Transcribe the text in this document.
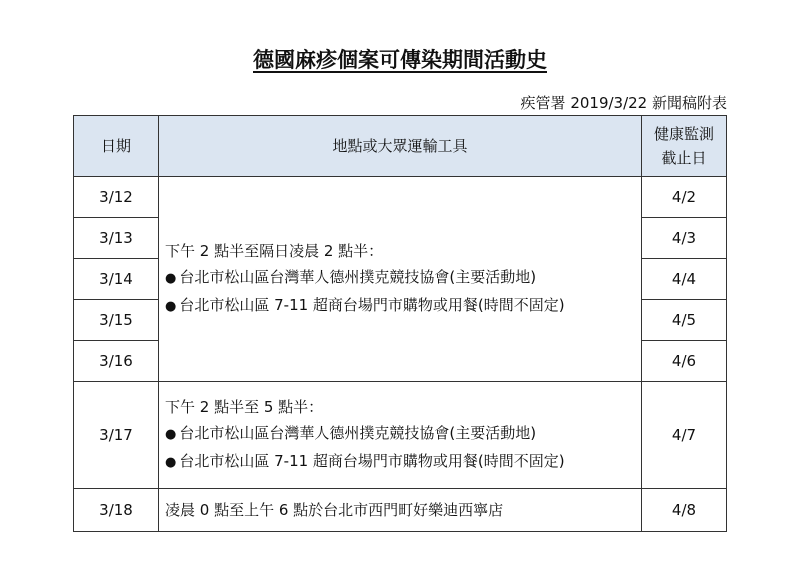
德國麻疹個案可傳染期間活動史
疾管署 2019/3/22 新聞稿附表
日期	地點或大眾運輸工具	健康監測
截止日

3/12	下午 2 點半至隔日凌晨 2 點半：
● 台北市松山區台灣華人德州撲克競技協會(主要活動地)
● 台北市松山區 7-11 超商台場門市購物或用餐(時間不固定)	4/2
3/13		4/3
3/14		4/4
3/15		4/5
3/16		4/6
3/17	下午 2 點半至 5 點半：
● 台北市松山區台灣華人德州撲克競技協會(主要活動地)
● 台北市松山區 7-11 超商台場門市購物或用餐(時間不固定)	4/7
3/18	凌晨 0 點至上午 6 點於台北市西門町好樂迪西寧店	4/8
